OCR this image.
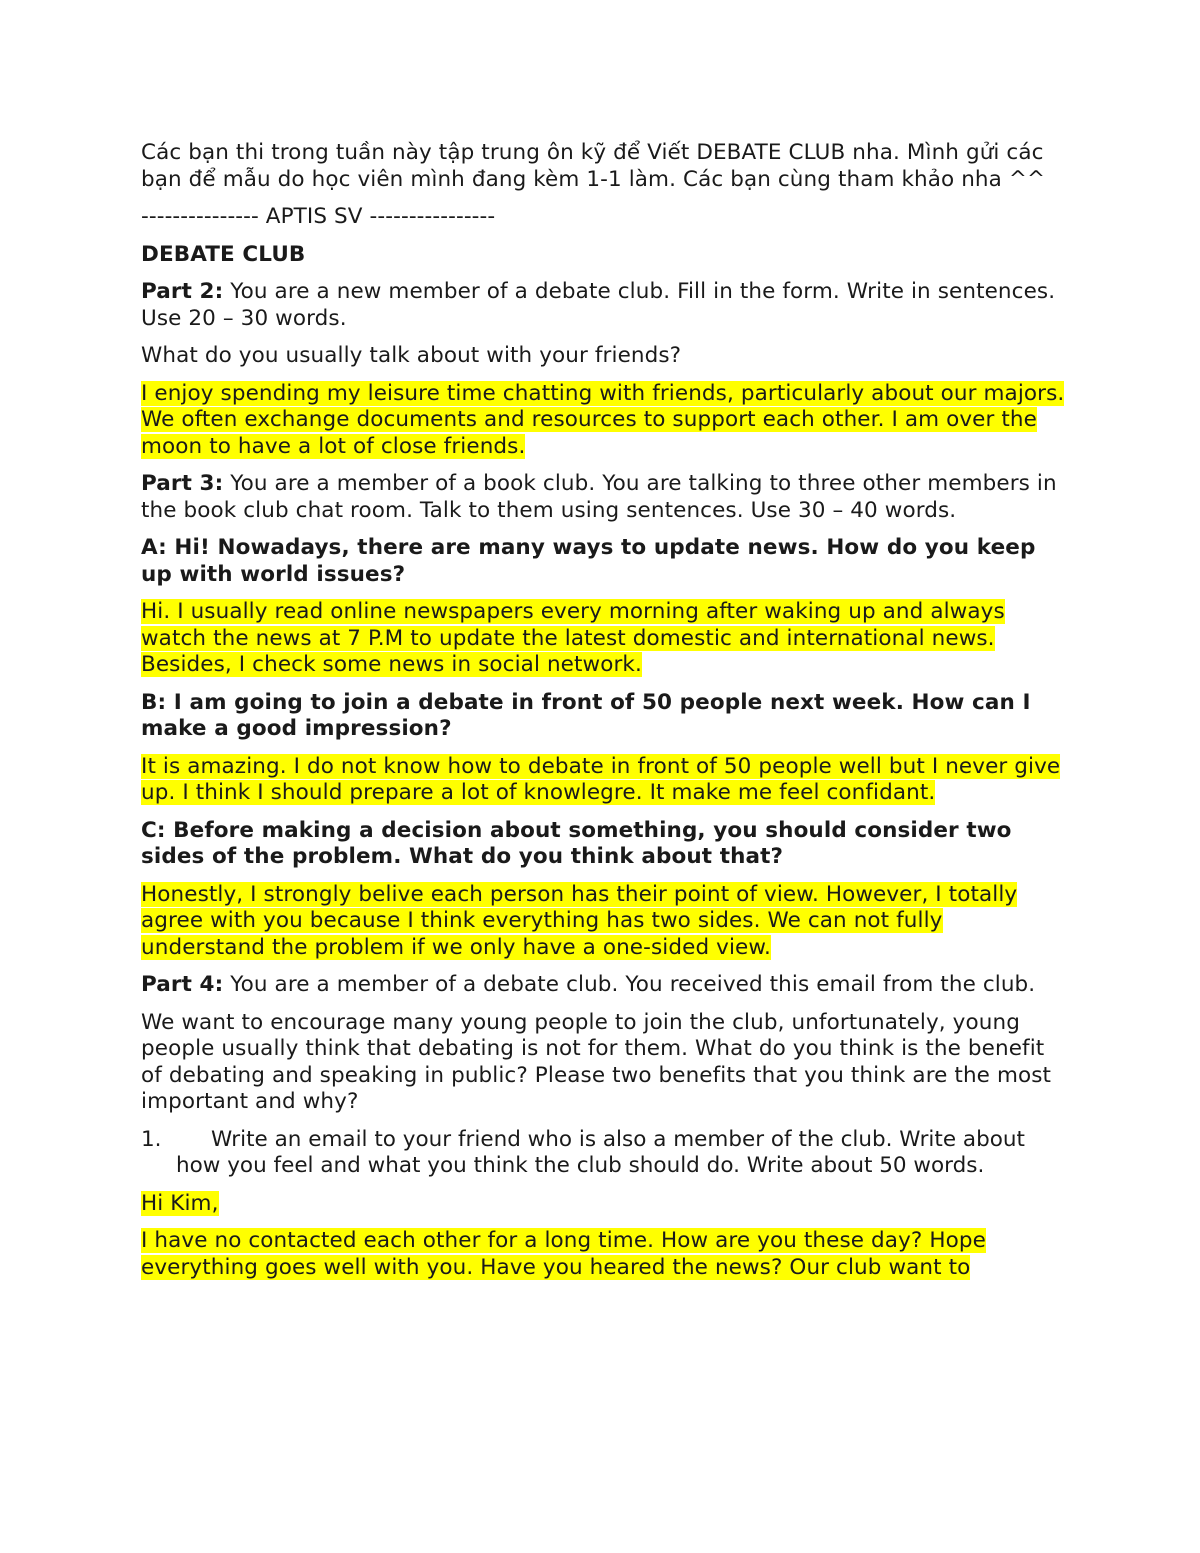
Các bạn thi trong tuần này tập trung ôn kỹ để Viết DEBATE CLUB nha. Mình gửi các bạn để mẫu do học viên mình đang kèm 1-1 làm. Các bạn cùng tham khảo nha ^^

--------------- APTIS SV ----------------

DEBATE CLUB

Part 2: You are a new member of a debate club. Fill in the form. Write in sentences. Use 20 – 30 words.

What do you usually talk about with your friends?

I enjoy spending my leisure time chatting with friends, particularly about our majors. We often exchange documents and resources to support each other. I am over the moon to have a lot of close friends.

Part 3: You are a member of a book club. You are talking to three other members in the book club chat room. Talk to them using sentences. Use 30 – 40 words.

A: Hi! Nowadays, there are many ways to update news. How do you keep up with world issues?

Hi. I usually read online newspapers every morning after waking up and always watch the news at 7 P.M to update the latest domestic and international news. Besides, I check some news in social network.

B: I am going to join a debate in front of 50 people next week. How can I make a good impression?

It is amazing. I do not know how to debate in front of 50 people well but I never give up. I think I should prepare a lot of knowlegre. It make me feel confidant.

C: Before making a decision about something, you should consider two sides of the problem. What do you think about that?

Honestly, I strongly belive each person has their point of view. However, I totally agree with you because I think everything has two sides. We can not fully understand the problem if we only have a one-sided view.

Part 4: You are a member of a debate club. You received this email from the club.

We want to encourage many young people to join the club, unfortunately, young people usually think that debating is not for them. What do you think is the benefit of debating and speaking in public? Please two benefits that you think are the most important and why?

1. Write an email to your friend who is also a member of the club. Write about how you feel and what you think the club should do. Write about 50 words.

Hi Kim,

I have no contacted each other for a long time. How are you these day? Hope everything goes well with you. Have you heared the news? Our club want to
